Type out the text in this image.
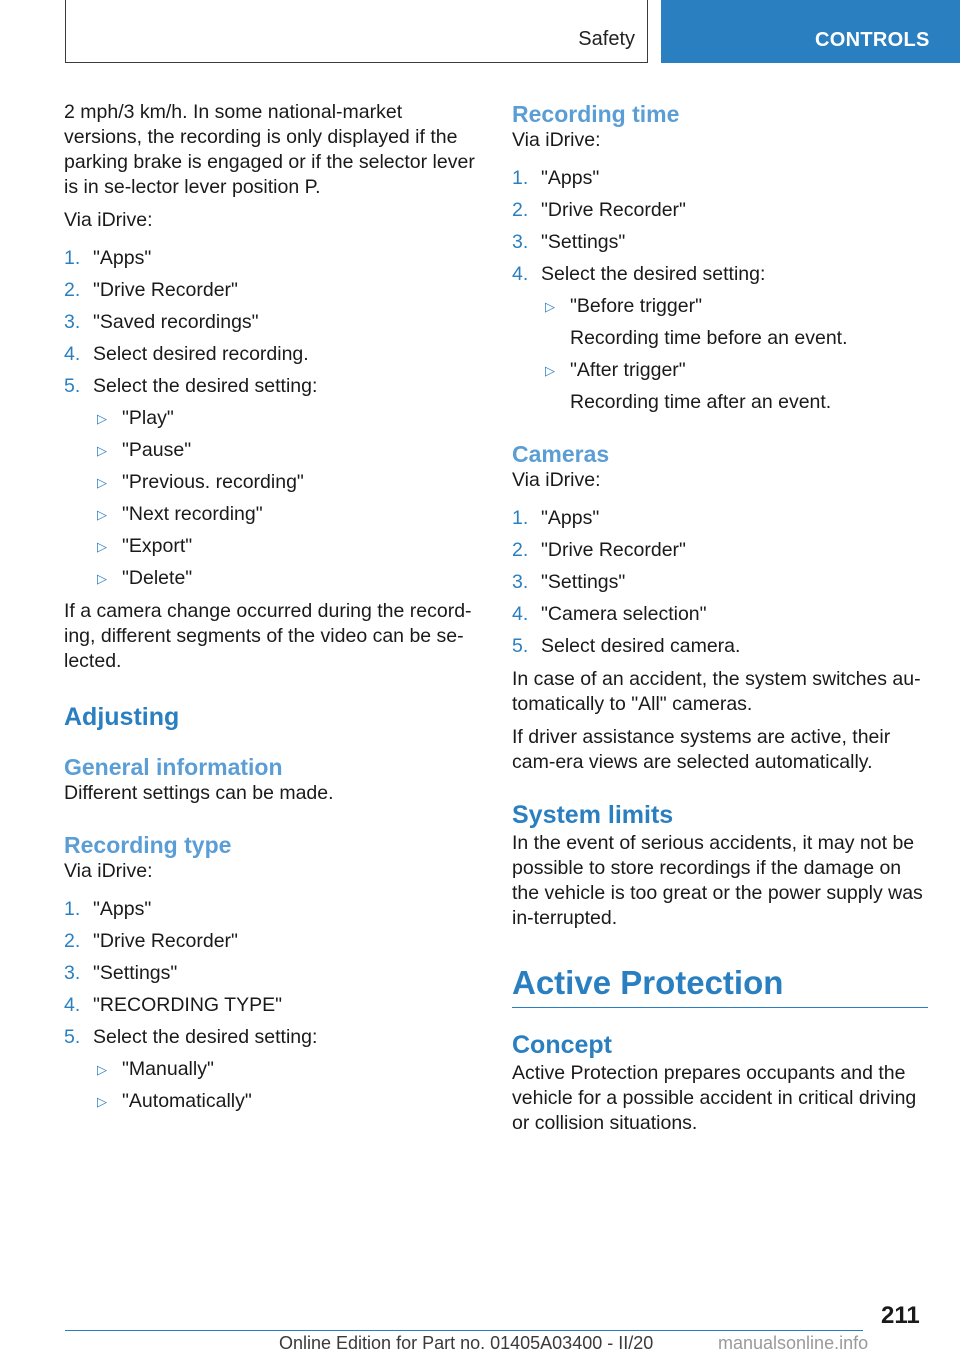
Safety	CONTROLS

2 mph/3 km/h. In some national-market versions, the recording is only displayed if the parking brake is engaged or if the selector lever is in se-lector lever position P.

Via iDrive:

1. "Apps"
2. "Drive Recorder"
3. "Saved recordings"
4. Select desired recording.
5. Select the desired setting:
▷ "Play"
▷ "Pause"
▷ "Previous. recording"
▷ "Next recording"
▷ "Export"
▷ "Delete"

If a camera change occurred during the record-ing, different segments of the video can be se-lected.

Adjusting
General information

Different settings can be made.

Recording type

Via iDrive:

1. "Apps"
2. "Drive Recorder"
3. "Settings"
4. "RECORDING TYPE"
5. Select the desired setting:
▷ "Manually"
▷ "Automatically"
Recording time

Via iDrive:

1. "Apps"
2. "Drive Recorder"
3. "Settings"
4. Select the desired setting:
▷ "Before trigger"
Recording time before an event.
▷ "After trigger"
Recording time after an event.
Cameras

Via iDrive:

1. "Apps"
2. "Drive Recorder"
3. "Settings"
4. "Camera selection"
5. Select desired camera.

In case of an accident, the system switches au-tomatically to "All" cameras.

If driver assistance systems are active, their cam-era views are selected automatically.

System limits

In the event of serious accidents, it may not be possible to store recordings if the damage on the vehicle is too great or the power supply was in-terrupted.

Active Protection
Concept

Active Protection prepares occupants and the vehicle for a possible accident in critical driving or collision situations.

211
Online Edition for Part no. 01405A03400 - II/20	manualsonline.info
